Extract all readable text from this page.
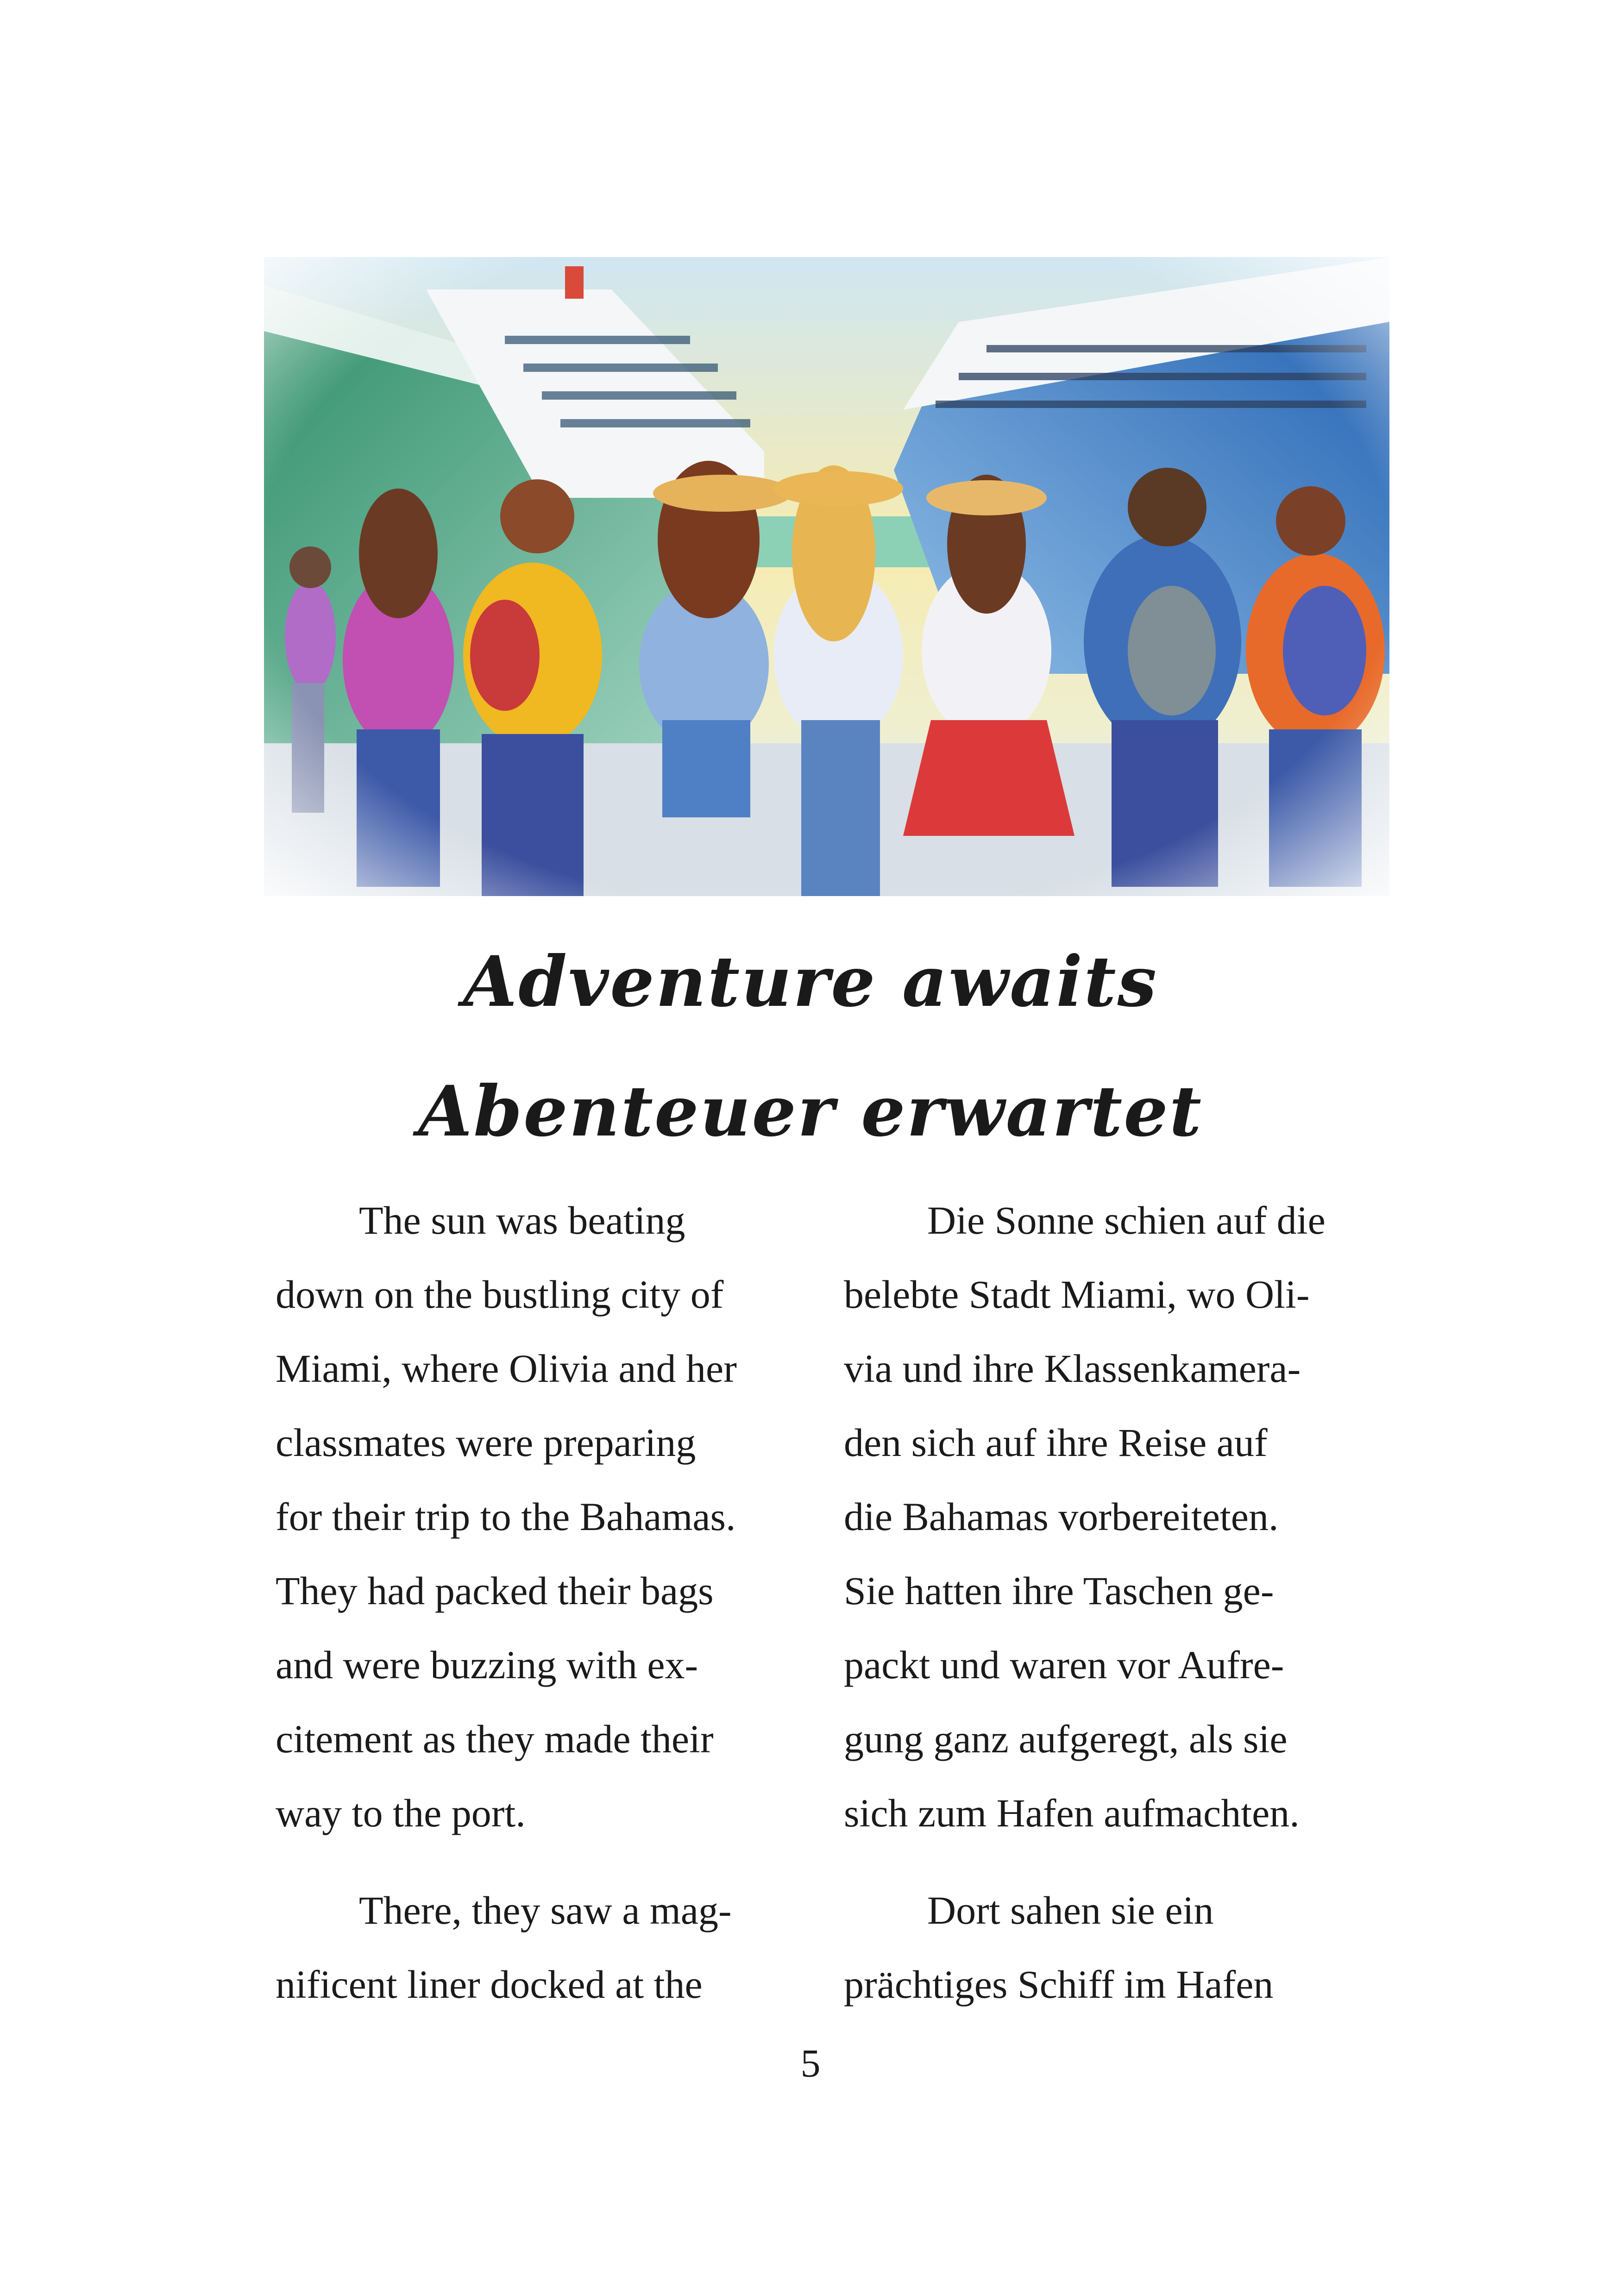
Adventure awaits
Abenteuer erwartet
The sun was beating
down on the bustling city of
Miami, where Olivia and her
classmates were preparing
for their trip to the Bahamas.
They had packed their bags
and were buzzing with ex-
citement as they made their
way to the port.
There, they saw a mag-
nificent liner docked at the
Die Sonne schien auf die
belebte Stadt Miami, wo Oli-
via und ihre Klassenkamera-
den sich auf ihre Reise auf
die Bahamas vorbereiteten.
Sie hatten ihre Taschen ge-
packt und waren vor Aufre-
gung ganz aufgeregt, als sie
sich zum Hafen aufmachten.
Dort sahen sie ein
prächtiges Schiff im Hafen
5
